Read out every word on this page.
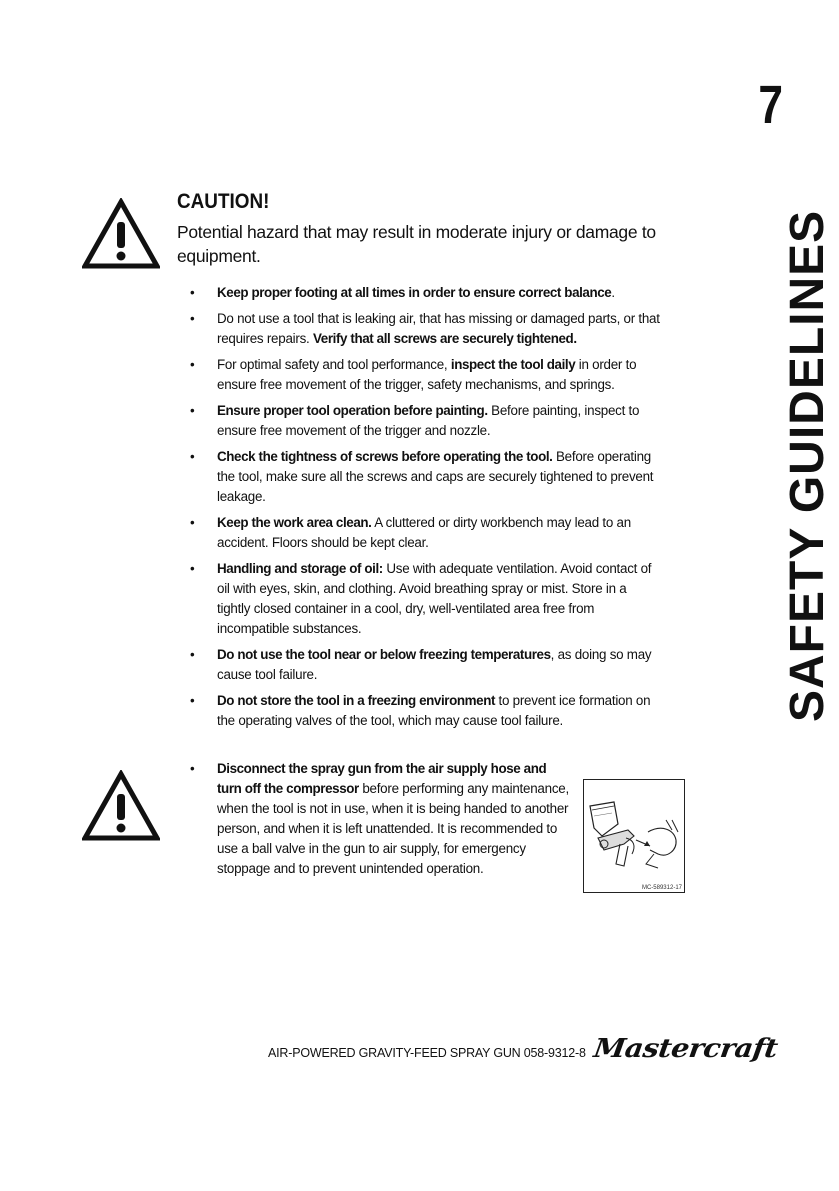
7
SAFETY GUIDELINES
CAUTION!

Potential hazard that may result in moderate injury or damage to equipment.

• Keep proper footing at all times in order to ensure correct balance.
• Do not use a tool that is leaking air, that has missing or damaged parts, or that requires repairs. Verify that all screws are securely tightened.
• For optimal safety and tool performance, inspect the tool daily in order to ensure free movement of the trigger, safety mechanisms, and springs.
• Ensure proper tool operation before painting. Before painting, inspect to ensure free movement of the trigger and nozzle.
• Check the tightness of screws before operating the tool. Before operating the tool, make sure all the screws and caps are securely tightened to prevent leakage.
• Keep the work area clean. A cluttered or dirty workbench may lead to an accident. Floors should be kept clear.
• Handling and storage of oil: Use with adequate ventilation. Avoid contact of oil with eyes, skin, and clothing. Avoid breathing spray or mist. Store in a tightly closed container in a cool, dry, well-ventilated area free from incompatible substances.
• Do not use the tool near or below freezing temperatures, as doing so may cause tool failure.
• Do not store the tool in a freezing environment to prevent ice formation on the operating valves of the tool, which may cause tool failure.
• Disconnect the spray gun from the air supply hose and turn off the compressor before performing any maintenance, when the tool is not in use, when it is being handed to another person, and when it is left unattended. It is recommended to use a ball valve in the gun to air supply, for emergency stoppage and to prevent unintended operation.
MC-589312-17
AIR-POWERED GRAVITY-FEED SPRAY GUN 058-9312-8 Mastercraft
